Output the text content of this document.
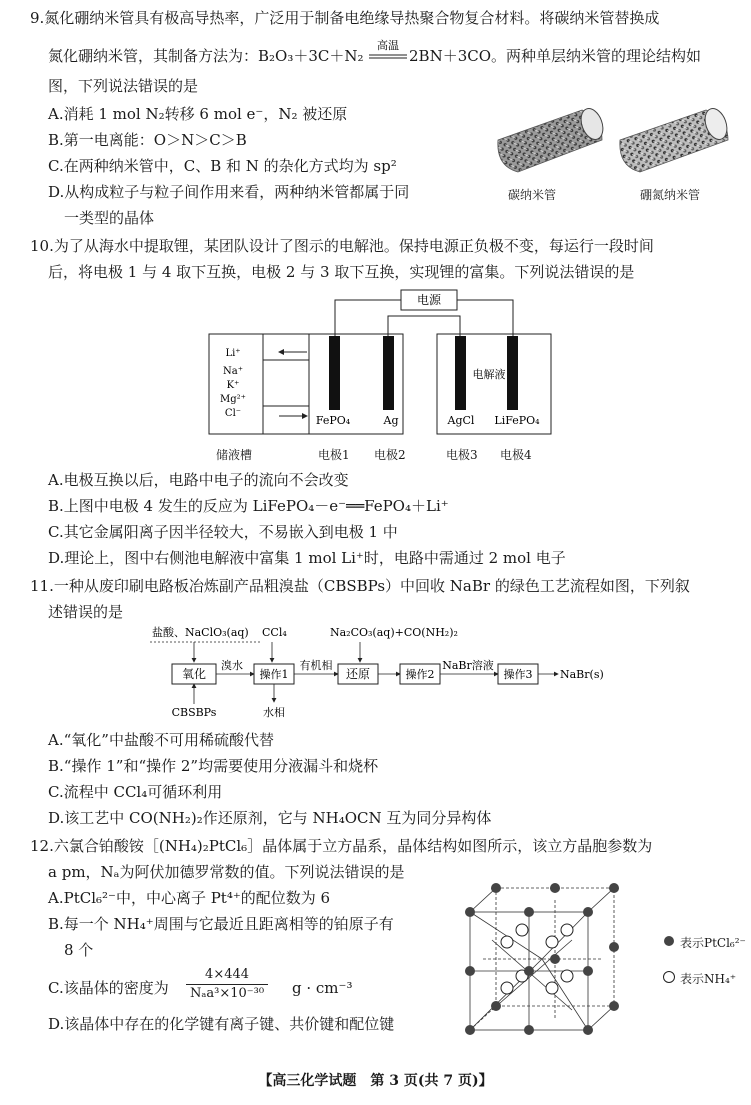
9.氮化硼纳米管具有极高导热率，广泛用于制备电绝缘导热聚合物复合材料。将碳纳米管替换成
氮化硼纳米管，其制备方法为：B₂O₃＋3C＋N₂
高温
2BN＋3CO。两种单层纳米管的理论结构如
图，下列说法错误的是
A.消耗 1 mol N₂转移 6 mol e⁻，N₂ 被还原
B.第一电离能：O＞N＞C＞B
C.在两种纳米管中，C、B 和 N 的杂化方式均为 sp²
D.从构成粒子与粒子间作用来看，两种纳米管都属于同
一类型的晶体
碳纳米管	硼氮纳米管
10.为了从海水中提取锂，某团队设计了图示的电解池。保持电源正负极不变，每运行一段时间
后，将电极 1 与 4 取下互换，电极 2 与 3 取下互换，实现锂的富集。下列说法错误的是
电源
Li⁺
Na⁺
K⁺
Mg²⁺
Cl⁻
FePO₄	Ag
电解液
AgCl LiFePO₄
储液槽	电极1 电极2	电极3 电极4
A.电极互换以后，电路中电子的流向不会改变
B.上图中电极 4 发生的反应为 LiFePO₄－e⁻══FePO₄＋Li⁺
C.其它金属阳离子因半径较大，不易嵌入到电极 1 中
D.理论上，图中右侧池电解液中富集 1 mol Li⁺时，电路中需通过 2 mol 电子
11.一种从废印刷电路板冶炼副产品粗溴盐（CBSBPs）中回收 NaBr 的绿色工艺流程如图，下列叙
述错误的是
盐酸、NaClO₃(aq) CCl₄	Na₂CO₃(aq)+CO(NH₂)₂
氧化
溴水
操作1
有机相
还原	操作2
NaBr溶液
操作3	NaBr(s)
CBSBPs	水相
A.“氧化”中盐酸不可用稀硫酸代替
B.“操作 1”和“操作 2”均需要使用分液漏斗和烧杯
C.流程中 CCl₄可循环利用
D.该工艺中 CO(NH₂)₂作还原剂，它与 NH₄OCN 互为同分异构体
12.六氯合铂酸铵［(NH₄)₂PtCl₆］晶体属于立方晶系，晶体结构如图所示，该立方晶胞参数为
a pm，Nₐ为阿伏加德罗常数的值。下列说法错误的是
A.PtCl₆²⁻中，中心离子 Pt⁴⁺的配位数为 6
B.每一个 NH₄⁺周围与它最近且距离相等的铂原子有
8 个
C.该晶体的密度为
4×444
Nₐa³×10⁻³⁰ g · cm⁻³
D.该晶体中存在的化学键有离子键、共价键和配位键
表示PtCl₆²⁻
表示NH₄⁺
【高三化学试题　第 3 页(共 7 页)】
